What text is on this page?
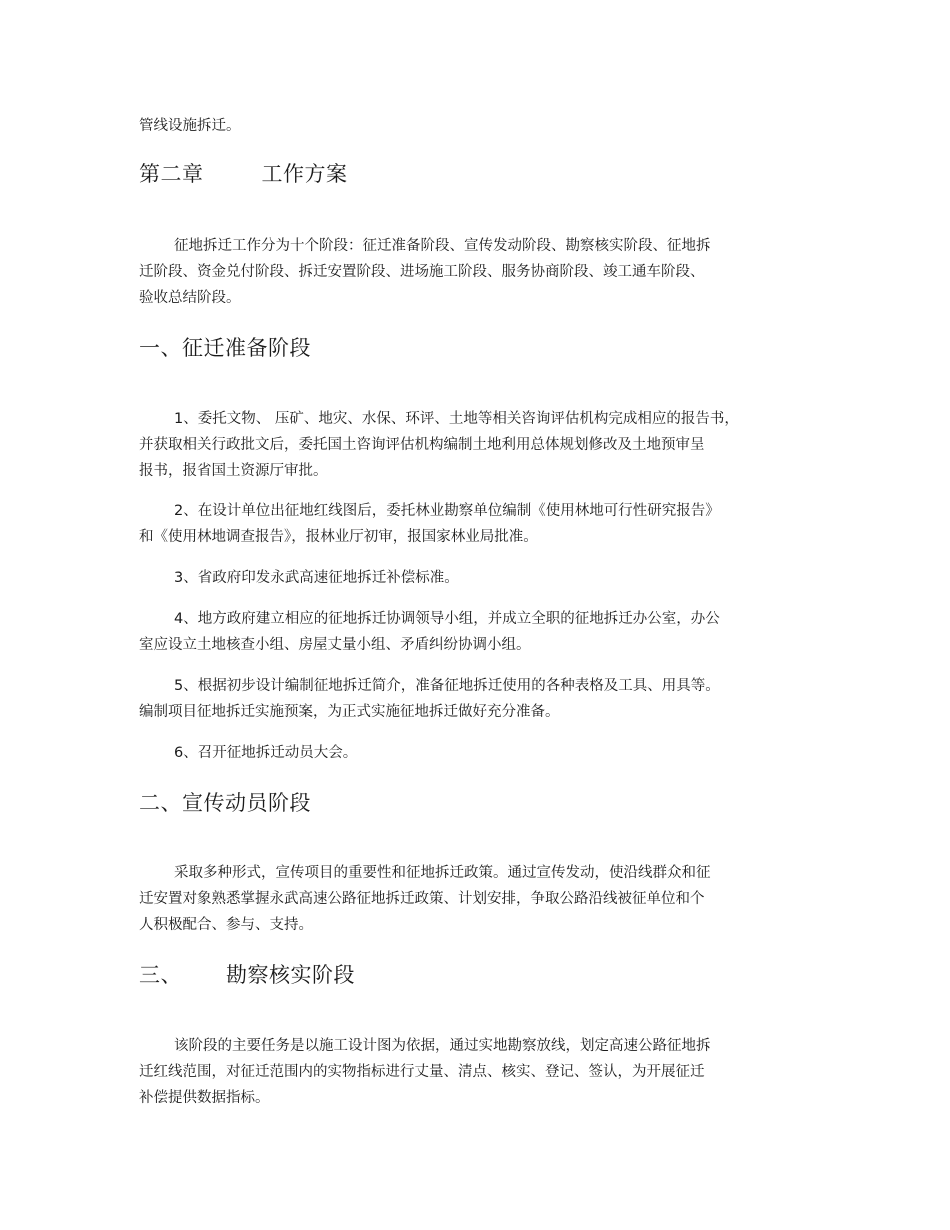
管线设施拆迁。
第二章	工作方案
征地拆迁工作分为十个阶段：征迁准备阶段、宣传发动阶段、勘察核实阶段、征地拆
迁阶段、资金兑付阶段、拆迁安置阶段、进场施工阶段、服务协商阶段、竣工通车阶段、
验收总结阶段。
一、征迁准备阶段
1、委托文物、 压矿、地灾、水保、环评、土地等相关咨询评估机构完成相应的报告书，
并获取相关行政批文后，委托国土咨询评估机构编制土地利用总体规划修改及土地预审呈
报书，报省国土资源厅审批。
2、在设计单位出征地红线图后，委托林业勘察单位编制《使用林地可行性研究报告》
和《使用林地调查报告》，报林业厅初审，报国家林业局批准。
3、省政府印发永武高速征地拆迁补偿标准。
4、地方政府建立相应的征地拆迁协调领导小组，并成立全职的征地拆迁办公室，办公
室应设立土地核查小组、房屋丈量小组、矛盾纠纷协调小组。
5、根据初步设计编制征地拆迁简介，准备征地拆迁使用的各种表格及工具、用具等。
编制项目征地拆迁实施预案，为正式实施征地拆迁做好充分准备。
6、召开征地拆迁动员大会。
二、宣传动员阶段
采取多种形式，宣传项目的重要性和征地拆迁政策。通过宣传发动，使沿线群众和征
迁安置对象熟悉掌握永武高速公路征地拆迁政策、计划安排，争取公路沿线被征单位和个
人积极配合、参与、支持。
三、 勘察核实阶段
该阶段的主要任务是以施工设计图为依据，通过实地勘察放线，划定高速公路征地拆
迁红线范围，对征迁范围内的实物指标进行丈量、清点、核实、登记、签认，为开展征迁
补偿提供数据指标。
